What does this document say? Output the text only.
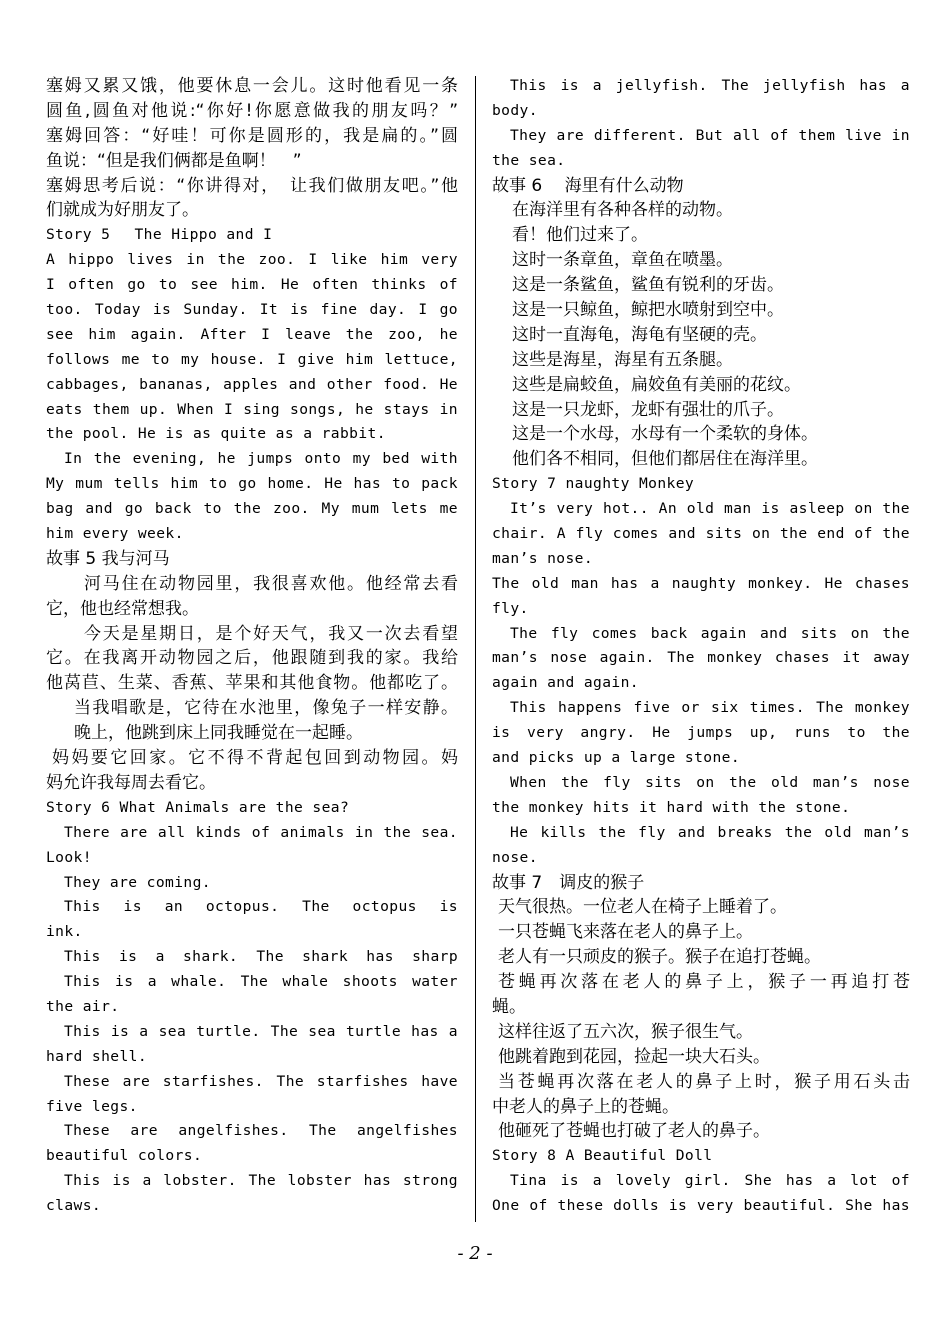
塞姆又累又饿，他要休息一会儿。这时他看见一条
圆鱼,圆鱼对他说:“你好!你愿意做我的朋友吗？”
塞姆回答：“好哇！可你是圆形的，我是扁的。”圆
鱼说：“但是我们俩都是鱼啊！　”
塞姆思考后说：“你讲得对，　让我们做朋友吧。”他
们就成为好朋友了。
Story 5　 The Hippo and I
A hippo lives in the zoo. I like him very
I often go to see him. He often thinks of
too. Today is Sunday. It is fine day. I go
see him again. After I leave the zoo, he
follows me to my house. I give him lettuce,
cabbages, bananas, apples and other food. He
eats them up. When I sing songs, he stays in
the pool. He is as quite as a rabbit.
In the evening, he jumps onto my bed with
My mum tells him to go home. He has to pack
bag and go back to the zoo. My mum lets me
him every week.
故事 5 我与河马
河马住在动物园里，我很喜欢他。他经常去看
它，他也经常想我。
今天是星期日，是个好天气，我又一次去看望
它。在我离开动物园之后，他跟随到我的家。我给
他莴苣、生菜、香蕉、苹果和其他食物。他都吃了。
当我唱歌是，它待在水池里，像兔子一样安静。
晚上，他跳到床上同我睡觉在一起睡。
妈妈要它回家。它不得不背起包回到动物园。妈
妈允许我每周去看它。
Story 6 What Animals are the sea?
There are all kinds of animals in the sea.
Look!
They are coming.
This is an octopus. The octopus is
ink.
This is a shark. The shark has sharp
This is a whale. The whale shoots water
the air.
This is a sea turtle. The sea turtle has a
hard shell.
These are starfishes. The starfishes have
five legs.
These are angelfishes. The angelfishes
beautiful colors.
This is a lobster. The lobster has strong
claws.
This is a jellyfish. The jellyfish has a
body.
They are different. But all of them live in
the sea.
故事 6　 海里有什么动物
在海洋里有各种各样的动物。
看！他们过来了。
这时一条章鱼，章鱼在喷墨。
这是一条鲨鱼，鲨鱼有锐利的牙齿。
这是一只鲸鱼，鲸把水喷射到空中。
这时一直海龟，海龟有坚硬的壳。
这些是海星，海星有五条腿。
这些是扁蛟鱼，扁姣鱼有美丽的花纹。
这是一只龙虾，龙虾有强壮的爪子。
这是一个水母，水母有一个柔软的身体。
他们各不相同，但他们都居住在海洋里。
Story 7 naughty Monkey
It’s very hot.. An old man is asleep on the
chair. A fly comes and sits on the end of the
man’s nose.
The old man has a naughty monkey. He chases
fly.
The fly comes back again and sits on the
man’s nose again. The monkey chases it away
again and again.
This happens five or six times. The monkey
is very angry. He jumps up, runs to the
and picks up a large stone.
When the fly sits on the old man’s nose
the monkey hits it hard with the stone.
He kills the fly and breaks the old man’s
nose.
故事 7　调皮的猴子
天气很热。一位老人在椅子上睡着了。
一只苍蝇飞来落在老人的鼻子上。
老人有一只顽皮的猴子。猴子在追打苍蝇。
苍蝇再次落在老人的鼻子上，猴子一再追打苍
蝇。
这样往返了五六次，猴子很生气。
他跳着跑到花园，捡起一块大石头。
当苍蝇再次落在老人的鼻子上时，猴子用石头击
中老人的鼻子上的苍蝇。
他砸死了苍蝇也打破了老人的鼻子。
Story 8 A Beautiful Doll
Tina is a lovely girl. She has a lot of
One of these dolls is very beautiful. She has
- 2 -
